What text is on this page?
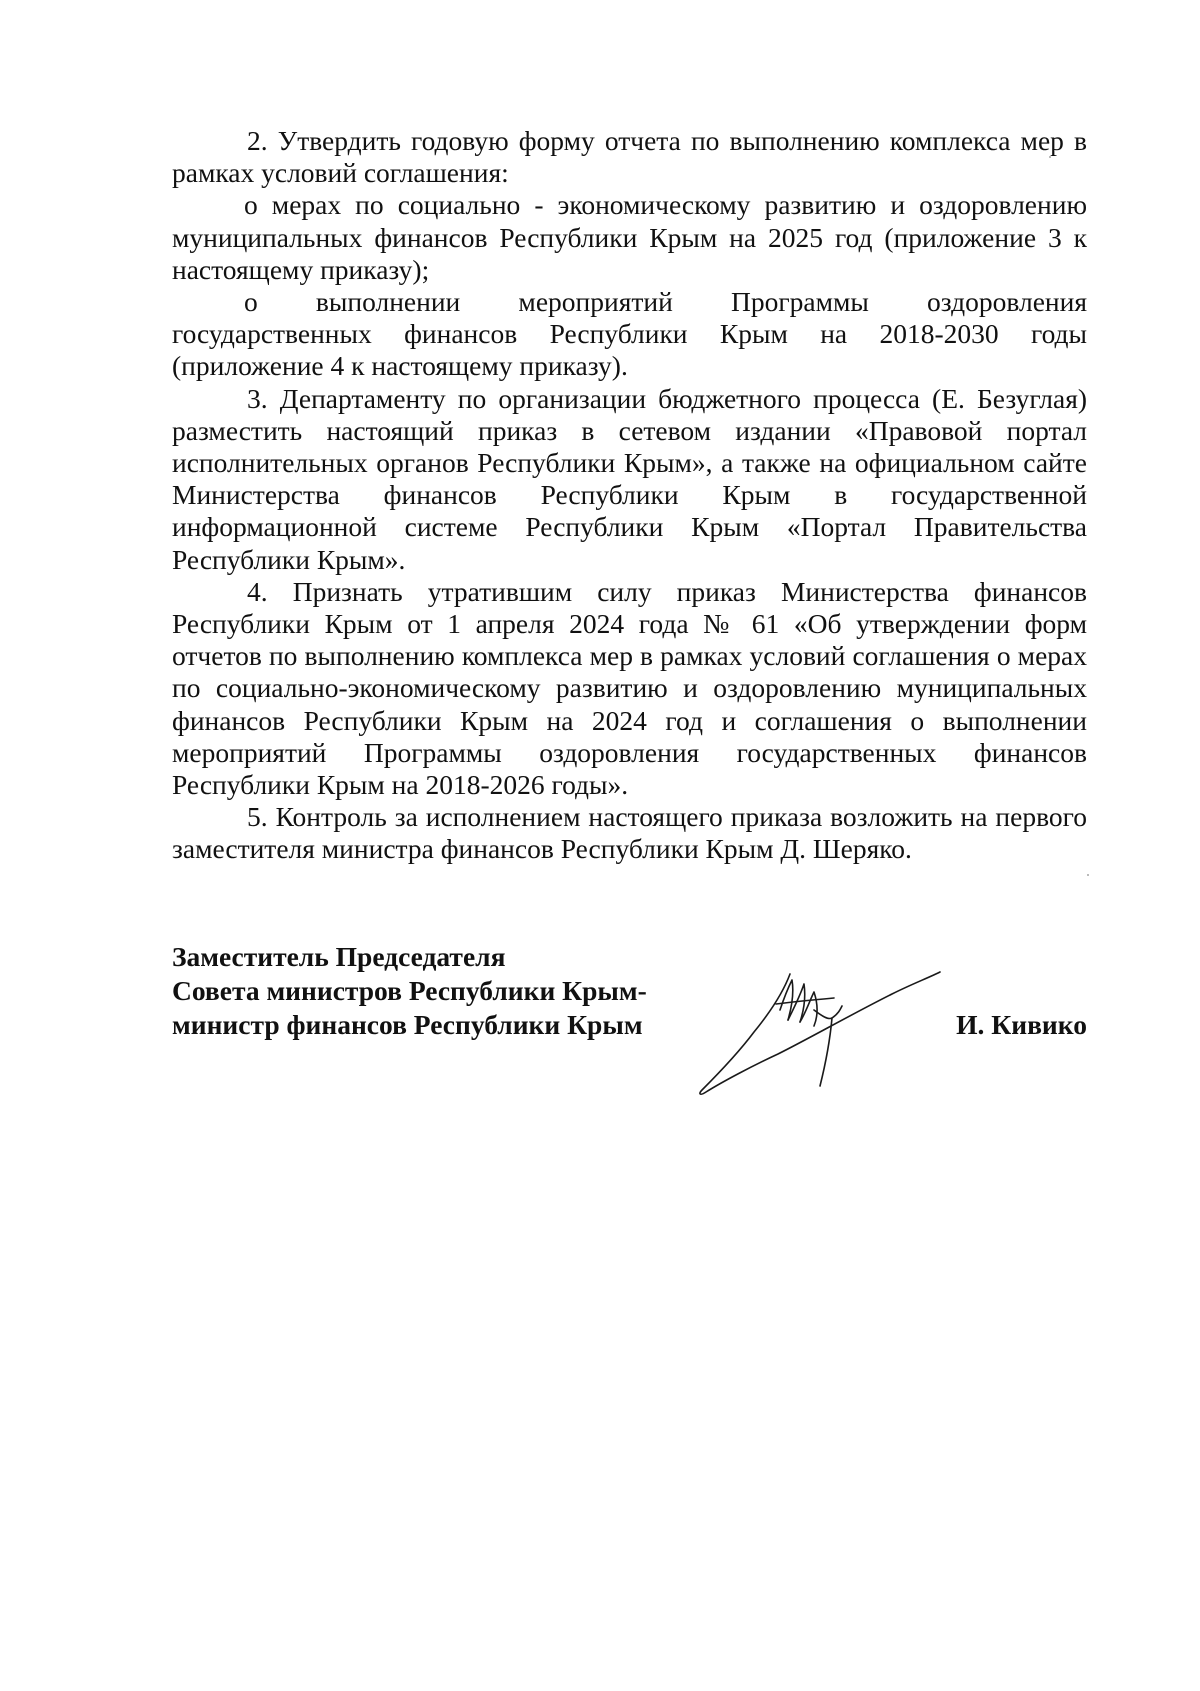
2. Утвердить годовую форму отчета по выполнению комплекса мер в рамках условий соглашения:

о мерах по социально - экономическому развитию и оздоровлению муниципальных финансов Республики Крым на 2025 год (приложение 3 к настоящему приказу);

о выполнении мероприятий Программы оздоровления государственных финансов Республики Крым на 2018-2030 годы (приложение 4 к настоящему приказу).

3. Департаменту по организации бюджетного процесса (Е. Безуглая) разместить настоящий приказ в сетевом издании «Правовой портал исполнительных органов Республики Крым», а также на официальном сайте Министерства финансов Республики Крым в государственной информационной системе Республики Крым «Портал Правительства Республики Крым».

4. Признать утратившим силу приказ Министерства финансов Республики Крым от 1 апреля 2024 года № 61 «Об утверждении форм отчетов по выполнению комплекса мер в рамках условий соглашения о мерах по социально-экономическому развитию и оздоровлению муниципальных финансов Республики Крым на 2024 год и соглашения о выполнении мероприятий Программы оздоровления государственных финансов Республики Крым на 2018-2026 годы».

5. Контроль за исполнением настоящего приказа возложить на первого заместителя министра финансов Республики Крым Д. Шеряко.

Заместитель Председателя
Совета министров Республики Крым-
министр финансов Республики Крым	И. Кивико
